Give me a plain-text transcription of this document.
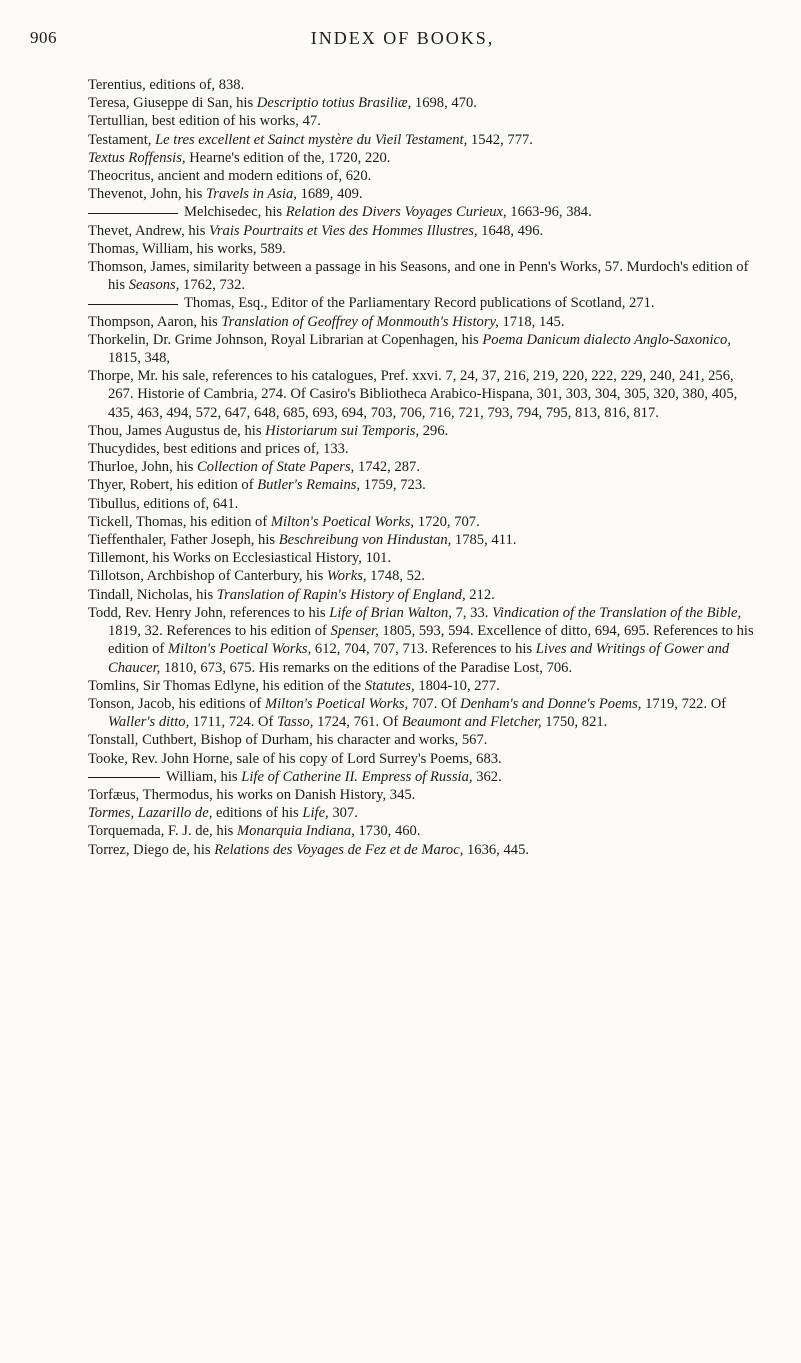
906	INDEX OF BOOKS,
Terentius, editions of, 838.
Teresa, Giuseppe di San, his Descriptio totius Brasiliæ, 1698, 470.
Tertullian, best edition of his works, 47.
Testament, Le tres excellent et Sainct mystère du Vieil Testament, 1542, 777.
Textus Roffensis, Hearne's edition of the, 1720, 220.
Theocritus, ancient and modern editions of, 620.
Thevenot, John, his Travels in Asia, 1689, 409.
Melchisedec, his Relation des Divers Voyages Curieux, 1663-96, 384.
Thevet, Andrew, his Vrais Pourtraits et Vies des Hommes Illustres, 1648, 496.
Thomas, William, his works, 589.
Thomson, James, similarity between a passage in his Seasons, and one in Penn's Works, 57. Murdoch's edition of his Seasons, 1762, 732.
Thomas, Esq., Editor of the Parliamentary Record publications of Scotland, 271.
Thompson, Aaron, his Translation of Geoffrey of Monmouth's History, 1718, 145.
Thorkelin, Dr. Grime Johnson, Royal Librarian at Copenhagen, his Poema Danicum dialecto Anglo-Saxonico, 1815, 348,
Thorpe, Mr. his sale, references to his catalogues, Pref. xxvi. 7, 24, 37, 216, 219, 220, 222, 229, 240, 241, 256, 267. Historie of Cambria, 274. Of Casiro's Bibliotheca Arabico-Hispana, 301, 303, 304, 305, 320, 380, 405, 435, 463, 494, 572, 647, 648, 685, 693, 694, 703, 706, 716, 721, 793, 794, 795, 813, 816, 817.
Thou, James Augustus de, his Historiarum sui Temporis, 296.
Thucydides, best editions and prices of, 133.
Thurloe, John, his Collection of State Papers, 1742, 287.
Thyer, Robert, his edition of Butler's Remains, 1759, 723.
Tibullus, editions of, 641.
Tickell, Thomas, his edition of Milton's Poetical Works, 1720, 707.
Tieffenthaler, Father Joseph, his Beschreibung von Hindustan, 1785, 411.
Tillemont, his Works on Ecclesiastical History, 101.
Tillotson, Archbishop of Canterbury, his Works, 1748, 52.
Tindall, Nicholas, his Translation of Rapin's History of England, 212.
Todd, Rev. Henry John, references to his Life of Brian Walton, 7, 33. Vindication of the Translation of the Bible, 1819, 32. References to his edition of Spenser, 1805, 593, 594. Excellence of ditto, 694, 695. References to his edition of Milton's Poetical Works, 612, 704, 707, 713. References to his Lives and Writings of Gower and Chaucer, 1810, 673, 675. His remarks on the editions of the Paradise Lost, 706.
Tomlins, Sir Thomas Edlyne, his edition of the Statutes, 1804-10, 277.
Tonson, Jacob, his editions of Milton's Poetical Works, 707. Of Denham's and Donne's Poems, 1719, 722. Of Waller's ditto, 1711, 724. Of Tasso, 1724, 761. Of Beaumont and Fletcher, 1750, 821.
Tonstall, Cuthbert, Bishop of Durham, his character and works, 567.
Tooke, Rev. John Horne, sale of his copy of Lord Surrey's Poems, 683.
William, his Life of Catherine II. Empress of Russia, 362.
Torfæus, Thermodus, his works on Danish History, 345.
Tormes, Lazarillo de, editions of his Life, 307.
Torquemada, F. J. de, his Monarquia Indiana, 1730, 460.
Torrez, Diego de, his Relations des Voyages de Fez et de Maroc, 1636, 445.
